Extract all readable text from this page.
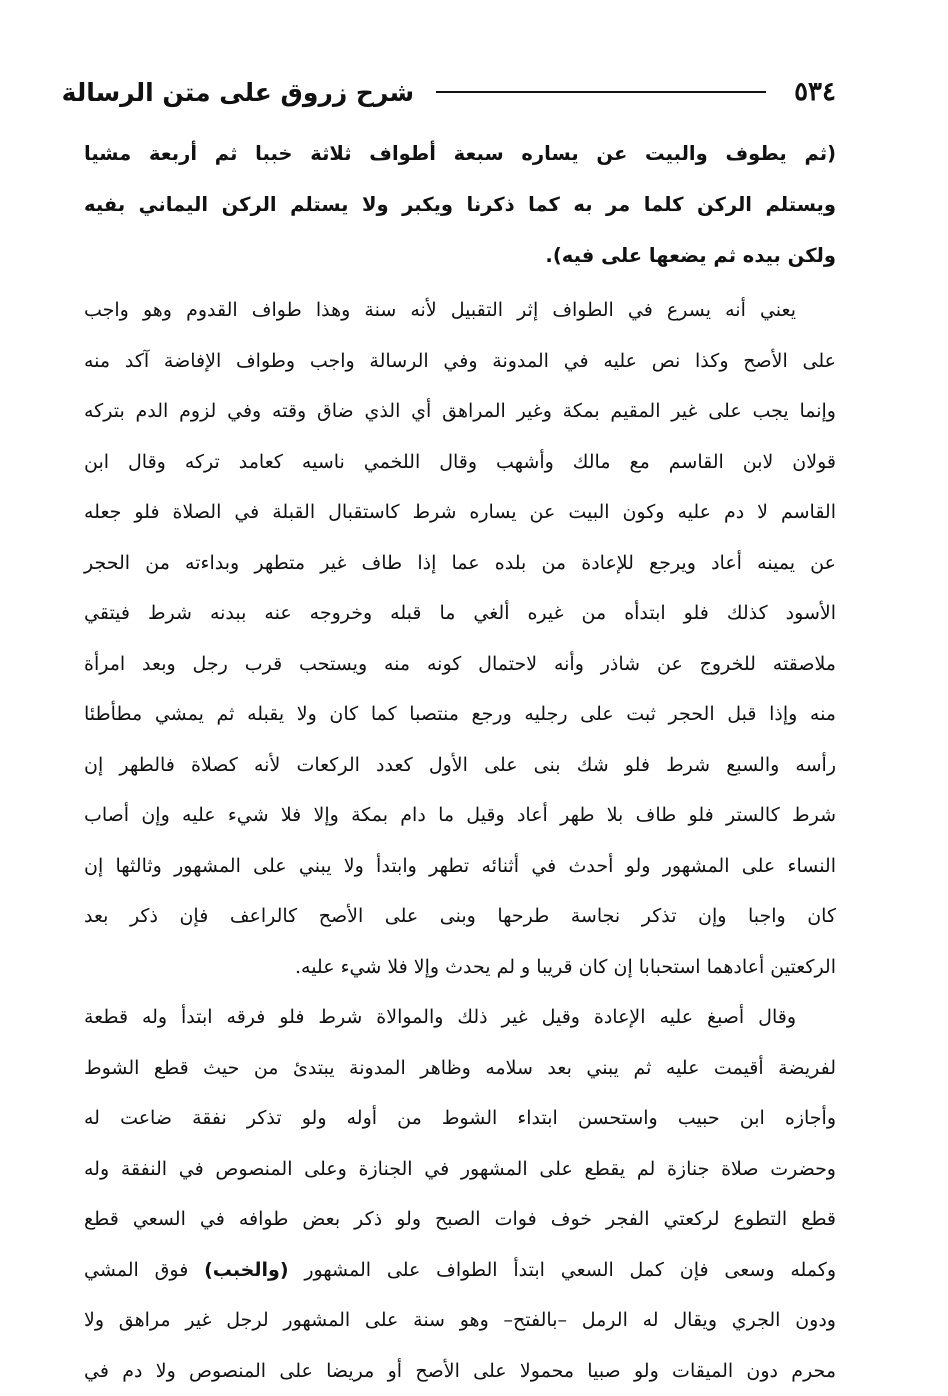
٥٣٤
شرح زروق على متن الرسالة
(ثم يطوف والبيت عن يساره سبعة أطواف ثلاثة خببا ثم أربعة مشيا
ويستلم الركن كلما مر به كما ذكرنا ويكبر ولا يستلم الركن اليماني بفيه
ولكن بيده ثم يضعها على فيه).
يعني أنه يسرع في الطواف إثر التقبيل لأنه سنة وهذا طواف القدوم وهو واجب
على الأصح وكذا نص عليه في المدونة وفي الرسالة واجب وطواف الإفاضة آكد منه
وإنما يجب على غير المقيم بمكة وغير المراهق أي الذي ضاق وقته وفي لزوم الدم بتركه
قولان لابن القاسم مع مالك وأشهب وقال اللخمي ناسيه كعامد تركه وقال ابن
القاسم لا دم عليه وكون البيت عن يساره شرط كاستقبال القبلة في الصلاة فلو جعله
عن يمينه أعاد ويرجع للإعادة من بلده عما إذا طاف غير متطهر وبداءته من الحجر
الأسود كذلك فلو ابتدأه من غيره ألغي ما قبله وخروجه عنه ببدنه شرط فيتقي
ملاصقته للخروج عن شاذر وأنه لاحتمال كونه منه ويستحب قرب رجل وبعد امرأة
منه وإذا قبل الحجر ثبت على رجليه ورجع منتصبا كما كان ولا يقبله ثم يمشي مطأطئا
رأسه والسبع شرط فلو شك بنى على الأول كعدد الركعات لأنه كصلاة فالطهر إن
شرط كالستر فلو طاف بلا طهر أعاد وقيل ما دام بمكة وإلا فلا شيء عليه وإن أصاب
النساء على المشهور ولو أحدث في أثنائه تطهر وابتدأ ولا يبني على المشهور وثالثها إن
كان واجبا وإن تذكر نجاسة طرحها وبنى على الأصح كالراعف فإن ذكر بعد
الركعتين أعادهما استحبابا إن كان قريبا و لم يحدث وإلا فلا شيء عليه.
وقال أصبغ عليه الإعادة وقيل غير ذلك والموالاة شرط فلو فرقه ابتدأ وله قطعة
لفريضة أقيمت عليه ثم يبني بعد سلامه وظاهر المدونة يبتدئ من حيث قطع الشوط
وأجازه ابن حبيب واستحسن ابتداء الشوط من أوله ولو تذكر نفقة ضاعت له
وحضرت صلاة جنازة لم يقطع على المشهور في الجنازة وعلى المنصوص في النفقة وله
قطع التطوع لركعتي الفجر خوف فوات الصبح ولو ذكر بعض طوافه في السعي قطع
وكمله وسعى فإن كمل السعي ابتدأ الطواف على المشهور (والخبب) فوق المشي
ودون الجري ويقال له الرمل –بالفتح– وهو سنة على المشهور لرجل غير مراهق ولا
محرم دون الميقات ولو صبيا محمولا على الأصح أو مريضا على المنصوص ولا دم في
